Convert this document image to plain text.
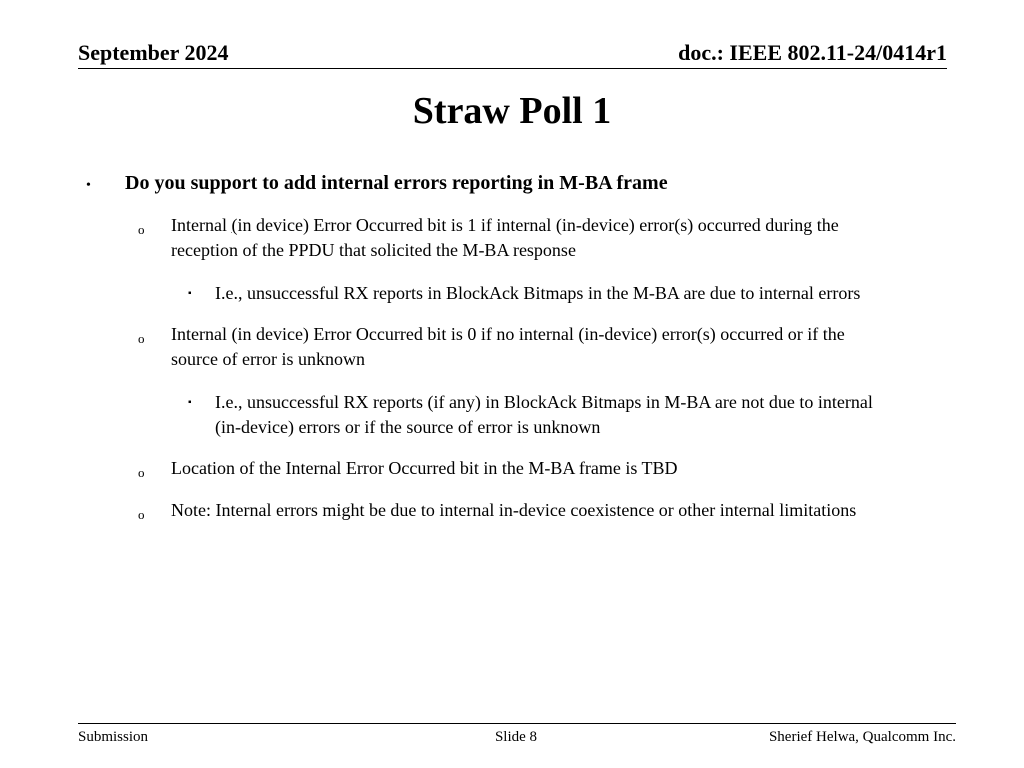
September 2024	doc.: IEEE 802.11-24/0414r1
Straw Poll 1
• Do you support to add internal errors reporting in M-BA frame
o Internal (in device) Error Occurred bit is 1 if internal (in-device) error(s) occurred during the
reception of the PPDU that solicited the M-BA response
▪ I.e., unsuccessful RX reports in BlockAck Bitmaps in the M-BA are due to internal errors
o Internal (in device) Error Occurred bit is 0 if no internal (in-device) error(s) occurred or if the
source of error is unknown
▪ I.e., unsuccessful RX reports (if any) in BlockAck Bitmaps in M-BA are not due to internal
(in-device) errors or if the source of error is unknown
o Location of the Internal Error Occurred bit in the M-BA frame is TBD
o Note: Internal errors might be due to internal in-device coexistence or other internal limitations
Submission	Slide 8	Sherief Helwa, Qualcomm Inc.
